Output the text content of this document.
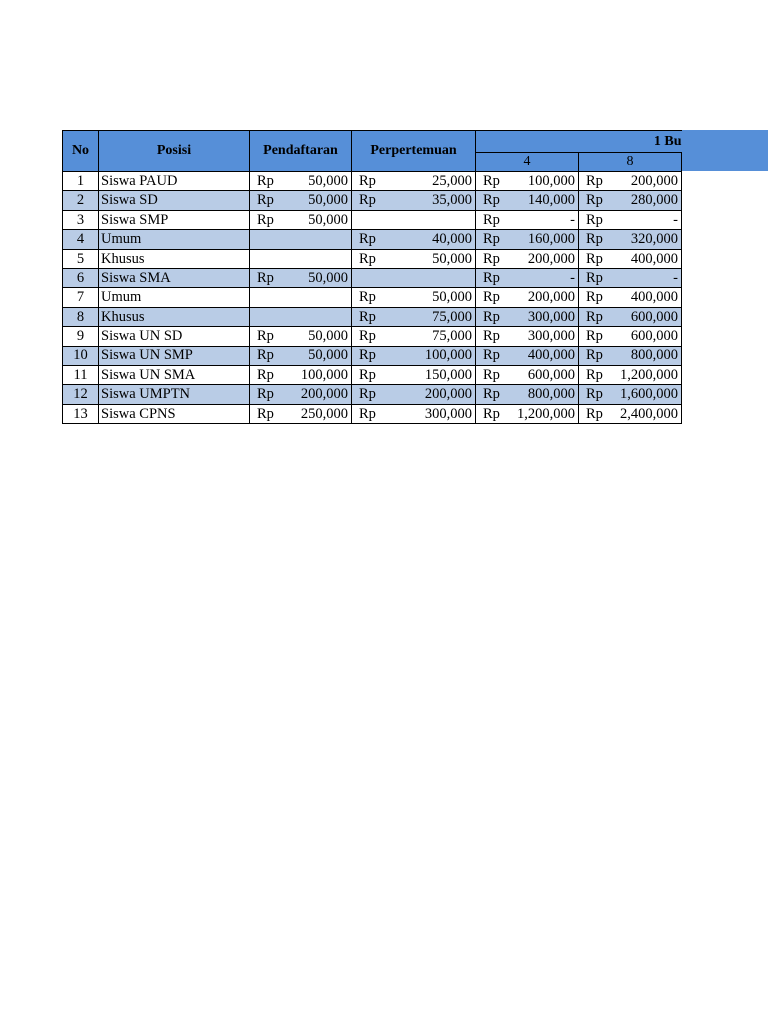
No	Posisi	Pendaftaran	Perpertemuan	1 Bu	
				4	8
1	Siswa PAUD	Rp 50,000	Rp 25,000	Rp 100,000	Rp 200,000

2	Siswa SD	Rp 50,000	Rp 35,000	Rp 140,000	Rp 280,000

3	Siswa SMP	Rp 50,000		Rp -	Rp -

4	Umum		Rp 40,000	Rp 160,000	Rp 320,000

5	Khusus		Rp 50,000	Rp 200,000	Rp 400,000

6	Siswa SMA	Rp 50,000		Rp -	Rp -

7	Umum		Rp 50,000	Rp 200,000	Rp 400,000

8	Khusus		Rp 75,000	Rp 300,000	Rp 600,000

9	Siswa UN SD	Rp 50,000	Rp 75,000	Rp 300,000	Rp 600,000

10	Siswa UN SMP	Rp 50,000	Rp 100,000	Rp 400,000	Rp 800,000

11	Siswa UN SMA	Rp 100,000	Rp 150,000	Rp 600,000	Rp 1,200,000

12	Siswa UMPTN	Rp 200,000	Rp 200,000	Rp 800,000	Rp 1,600,000

13	Siswa CPNS	Rp 250,000	Rp 300,000	Rp 1,200,000	Rp 2,400,000
